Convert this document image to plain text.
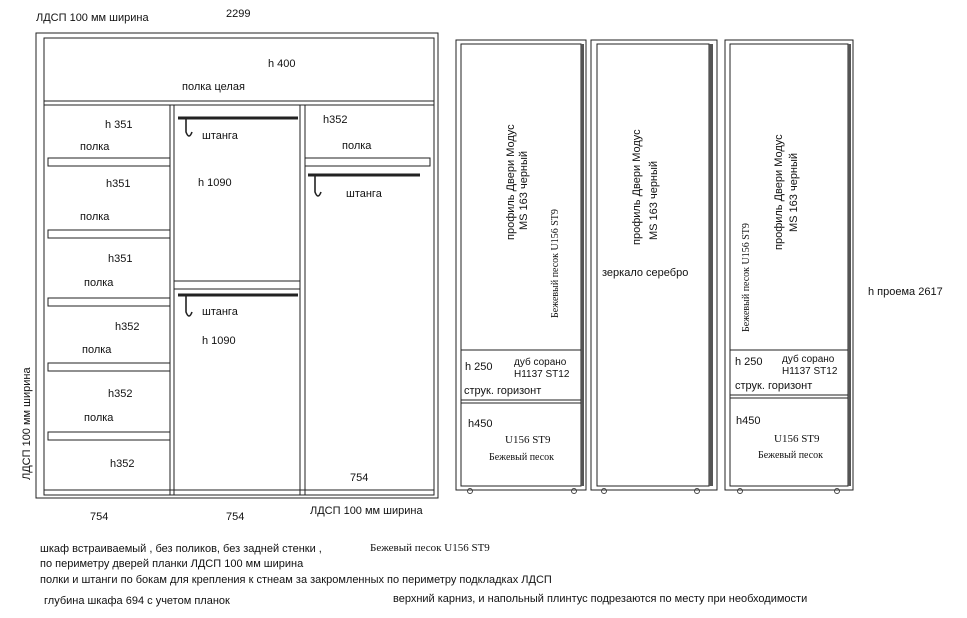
ЛДСП 100 мм ширина	2299
h 400
полка целая
h 351
полка
h351
полка
h351
полка
h352
полка
h352
полка
h352
754
штанга
h 1090
штанга
h 1090
754
h352
полка
штанга
754
ЛДСП 100 мм ширина
ЛДСП 100 мм ширина
профиль Двери Модус MS 163 черный
Бежевый песок U156 ST9
h 250 дуб сорано
H1137 ST12
струк. горизонт
h450
U156 ST9
Бежевый песок
профиль Двери Модус MS 163 черный
зеркало серебро
профиль Двери Модус MS 163 черный
Бежевый песок U156 ST9
h 250 дуб сорано
H1137 ST12
струк. горизонт
h450
U156 ST9
Бежевый песок
h проема 2617
шкаф встраиваемый , без поликов, без задней стенки ,	Бежевый песок U156 ST9
по периметру дверей планки ЛДСП 100 мм ширина
полки и штанги по бокам для крепления к стнеам за закромленных по периметру подкладках ЛДСП
глубина шкафа 694 с учетом планок	верхний карниз, и напольный плинтус подрезаются по месту при необходимости
